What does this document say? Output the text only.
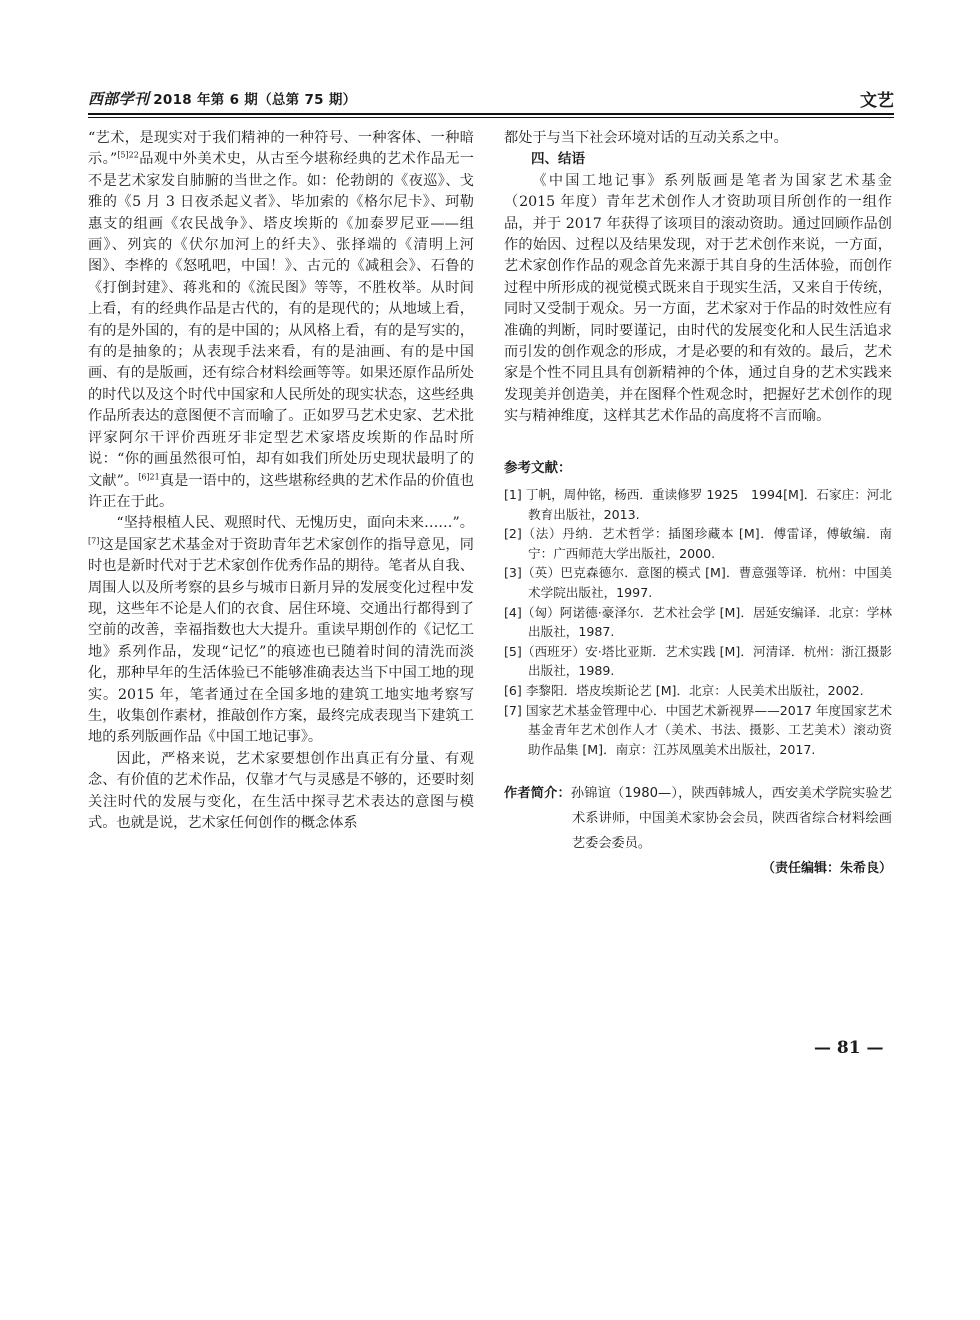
西部学刊 2018 年第 6 期（总第 75 期）	文艺

“艺术，是现实对于我们精神的一种符号、一种客体、一种暗示。”$^{[5]22}$品观中外美术史，从古至今堪称经典的艺术作品无一不是艺术家发自肺腑的当世之作。如：伦勃朗的《夜巡》、戈雅的《5 月 3 日夜杀起义者》、毕加索的《格尔尼卡》、珂勒惠支的组画《农民战争》、塔皮埃斯的《加泰罗尼亚——组画》、列宾的《伏尔加河上的纤夫》、张择端的《清明上河图》、李桦的《怒吼吧，中国！》、古元的《减租会》、石鲁的《打倒封建》、蒋兆和的《流民图》等等，不胜枚举。从时间上看，有的经典作品是古代的，有的是现代的；从地域上看，有的是外国的，有的是中国的；从风格上看，有的是写实的，有的是抽象的；从表现手法来看，有的是油画、有的是中国画、有的是版画，还有综合材料绘画等等。如果还原作品所处的时代以及这个时代中国家和人民所处的现实状态，这些经典作品所表达的意图便不言而喻了。正如罗马艺术史家、艺术批评家阿尔干评价西班牙非定型艺术家塔皮埃斯的作品时所说：“你的画虽然很可怕，却有如我们所处历史现状最明了的文献”。$^{[6]21}$真是一语中的，这些堪称经典的艺术作品的价值也许正在于此。

“坚持根植人民、观照时代、无愧历史，面向未来……”。[7]这是国家艺术基金对于资助青年艺术家创作的指导意见，同时也是新时代对于艺术家创作优秀作品的期待。笔者从自我、周围人以及所考察的县乡与城市日新月异的发展变化过程中发现，这些年不论是人们的衣食、居住环境、交通出行都得到了空前的改善，幸福指数也大大提升。重读早期创作的《记忆工地》系列作品，发现“记忆”的痕迹也已随着时间的清洗而淡化，那种早年的生活体验已不能够准确表达当下中国工地的现实。2015 年，笔者通过在全国多地的建筑工地实地考察写生，收集创作素材，推敲创作方案，最终完成表现当下建筑工地的系列版画作品《中国工地记事》。

因此，严格来说，艺术家要想创作出真正有分量、有观念、有价值的艺术作品，仅靠才气与灵感是不够的，还要时刻关注时代的发展与变化，在生活中探寻艺术表达的意图与模式。也就是说，艺术家任何创作的概念体系

都处于与当下社会环境对话的互动关系之中。

四、结语

《中国工地记事》系列版画是笔者为国家艺术基金（2015 年度）青年艺术创作人才资助项目所创作的一组作品，并于 2017 年获得了该项目的滚动资助。通过回顾作品创作的始因、过程以及结果发现，对于艺术创作来说，一方面，艺术家创作作品的观念首先来源于其自身的生活体验，而创作过程中所形成的视觉模式既来自于现实生活，又来自于传统，同时又受制于观众。另一方面，艺术家对于作品的时效性应有准确的判断，同时要谨记，由时代的发展变化和人民生活追求而引发的创作观念的形成，才是必要的和有效的。最后，艺术家是个性不同且具有创新精神的个体，通过自身的艺术实践来发现美并创造美，并在图释个性观念时，把握好艺术创作的现实与精神维度，这样其艺术作品的高度将不言而喻。

参考文献：

[1] 丁帆，周仲铭，杨西．重读修罗 1925　1994[M]．石家庄：河北教育出版社，2013.

[2]（法）丹纳．艺术哲学：插图珍藏本 [M]．傅雷译，傅敏编．南宁：广西师范大学出版社，2000.

[3]（英）巴克森德尔．意图的模式 [M]．曹意强等译．杭州：中国美术学院出版社，1997.

[4]（匈）阿诺德·豪泽尔．艺术社会学 [M]．居延安编译．北京：学林出版社，1987.

[5]（西班牙）安·塔比亚斯．艺术实践 [M]．河清译．杭州：浙江摄影出版社，1989.

[6] 李黎阳．塔皮埃斯论艺 [M]．北京：人民美术出版社，2002.

[7] 国家艺术基金管理中心．中国艺术新视界——2017 年度国家艺术基金青年艺术创作人才（美术、书法、摄影、工艺美术）滚动资助作品集 [M]．南京：江苏凤凰美术出版社，2017.

作者简介：孙锦谊（1980—），陕西韩城人，西安美术学院实验艺术系讲师，中国美术家协会会员，陕西省综合材料绘画艺委会委员。
（责任编辑：朱希良）
— 81 —
